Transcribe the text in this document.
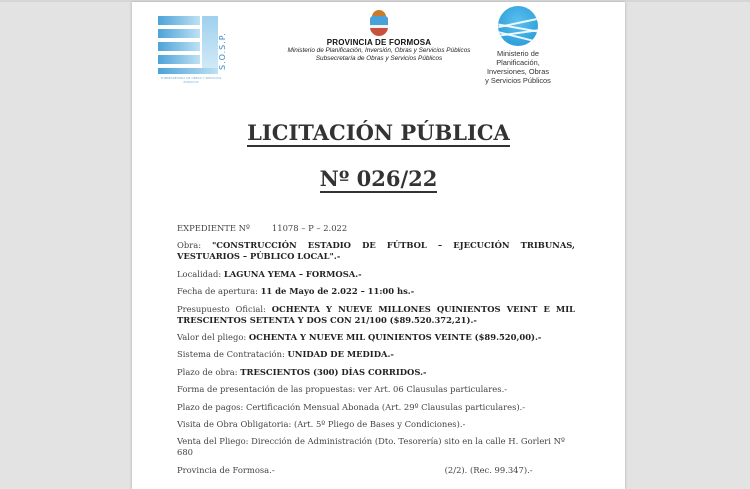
S.O.S.P.
SUBSECRETARIA DE OBRAS Y SERVICIOS PUBLICOS
PROVINCIA DE FORMOSA
Ministerio de Planificación, Inversión, Obras y Servicios Públicos
Subsecretaría de Obras y Servicios Públicos
Ministerio de
Planificación,
Inversiones, Obras
y Servicios Públicos
LICITACIÓN PÚBLICA
Nº 026/22
EXPEDIENTE Nº	11078 – P – 2.022
Obra: "CONSTRUCCIÓN ESTADIO DE FÚTBOL – EJECUCIÓN TRIBUNAS, VESTUARIOS – PÚBLICO LOCAL".-
Localidad: LAGUNA YEMA – FORMOSA.-
Fecha de apertura: 11 de Mayo de 2.022 – 11:00 hs.-
Presupuesto Oficial: OCHENTA Y NUEVE MILLONES QUINIENTOS VEINT E MIL TRESCIENTOS SETENTA Y DOS CON 21/100 ($89.520.372,21).-
Valor del pliego: OCHENTA Y NUEVE MIL QUINIENTOS VEINTE ($89.520,00).-
Sistema de Contratación: UNIDAD DE MEDIDA.-
Plazo de obra: TRESCIENTOS (300) DÍAS CORRIDOS.-
Forma de presentación de las propuestas: ver Art. 06 Clausulas particulares.-
Plazo de pagos: Certificación Mensual Abonada (Art. 29º Clausulas particulares).-
Visita de Obra Obligatoria: (Art. 5º Pliego de Bases y Condiciones).-
Venta del Pliego: Dirección de Administración (Dto. Tesorería) sito en la calle H. Gorleri Nº 680
Provincia de Formosa.-	(2/2). (Rec. 99.347).-
